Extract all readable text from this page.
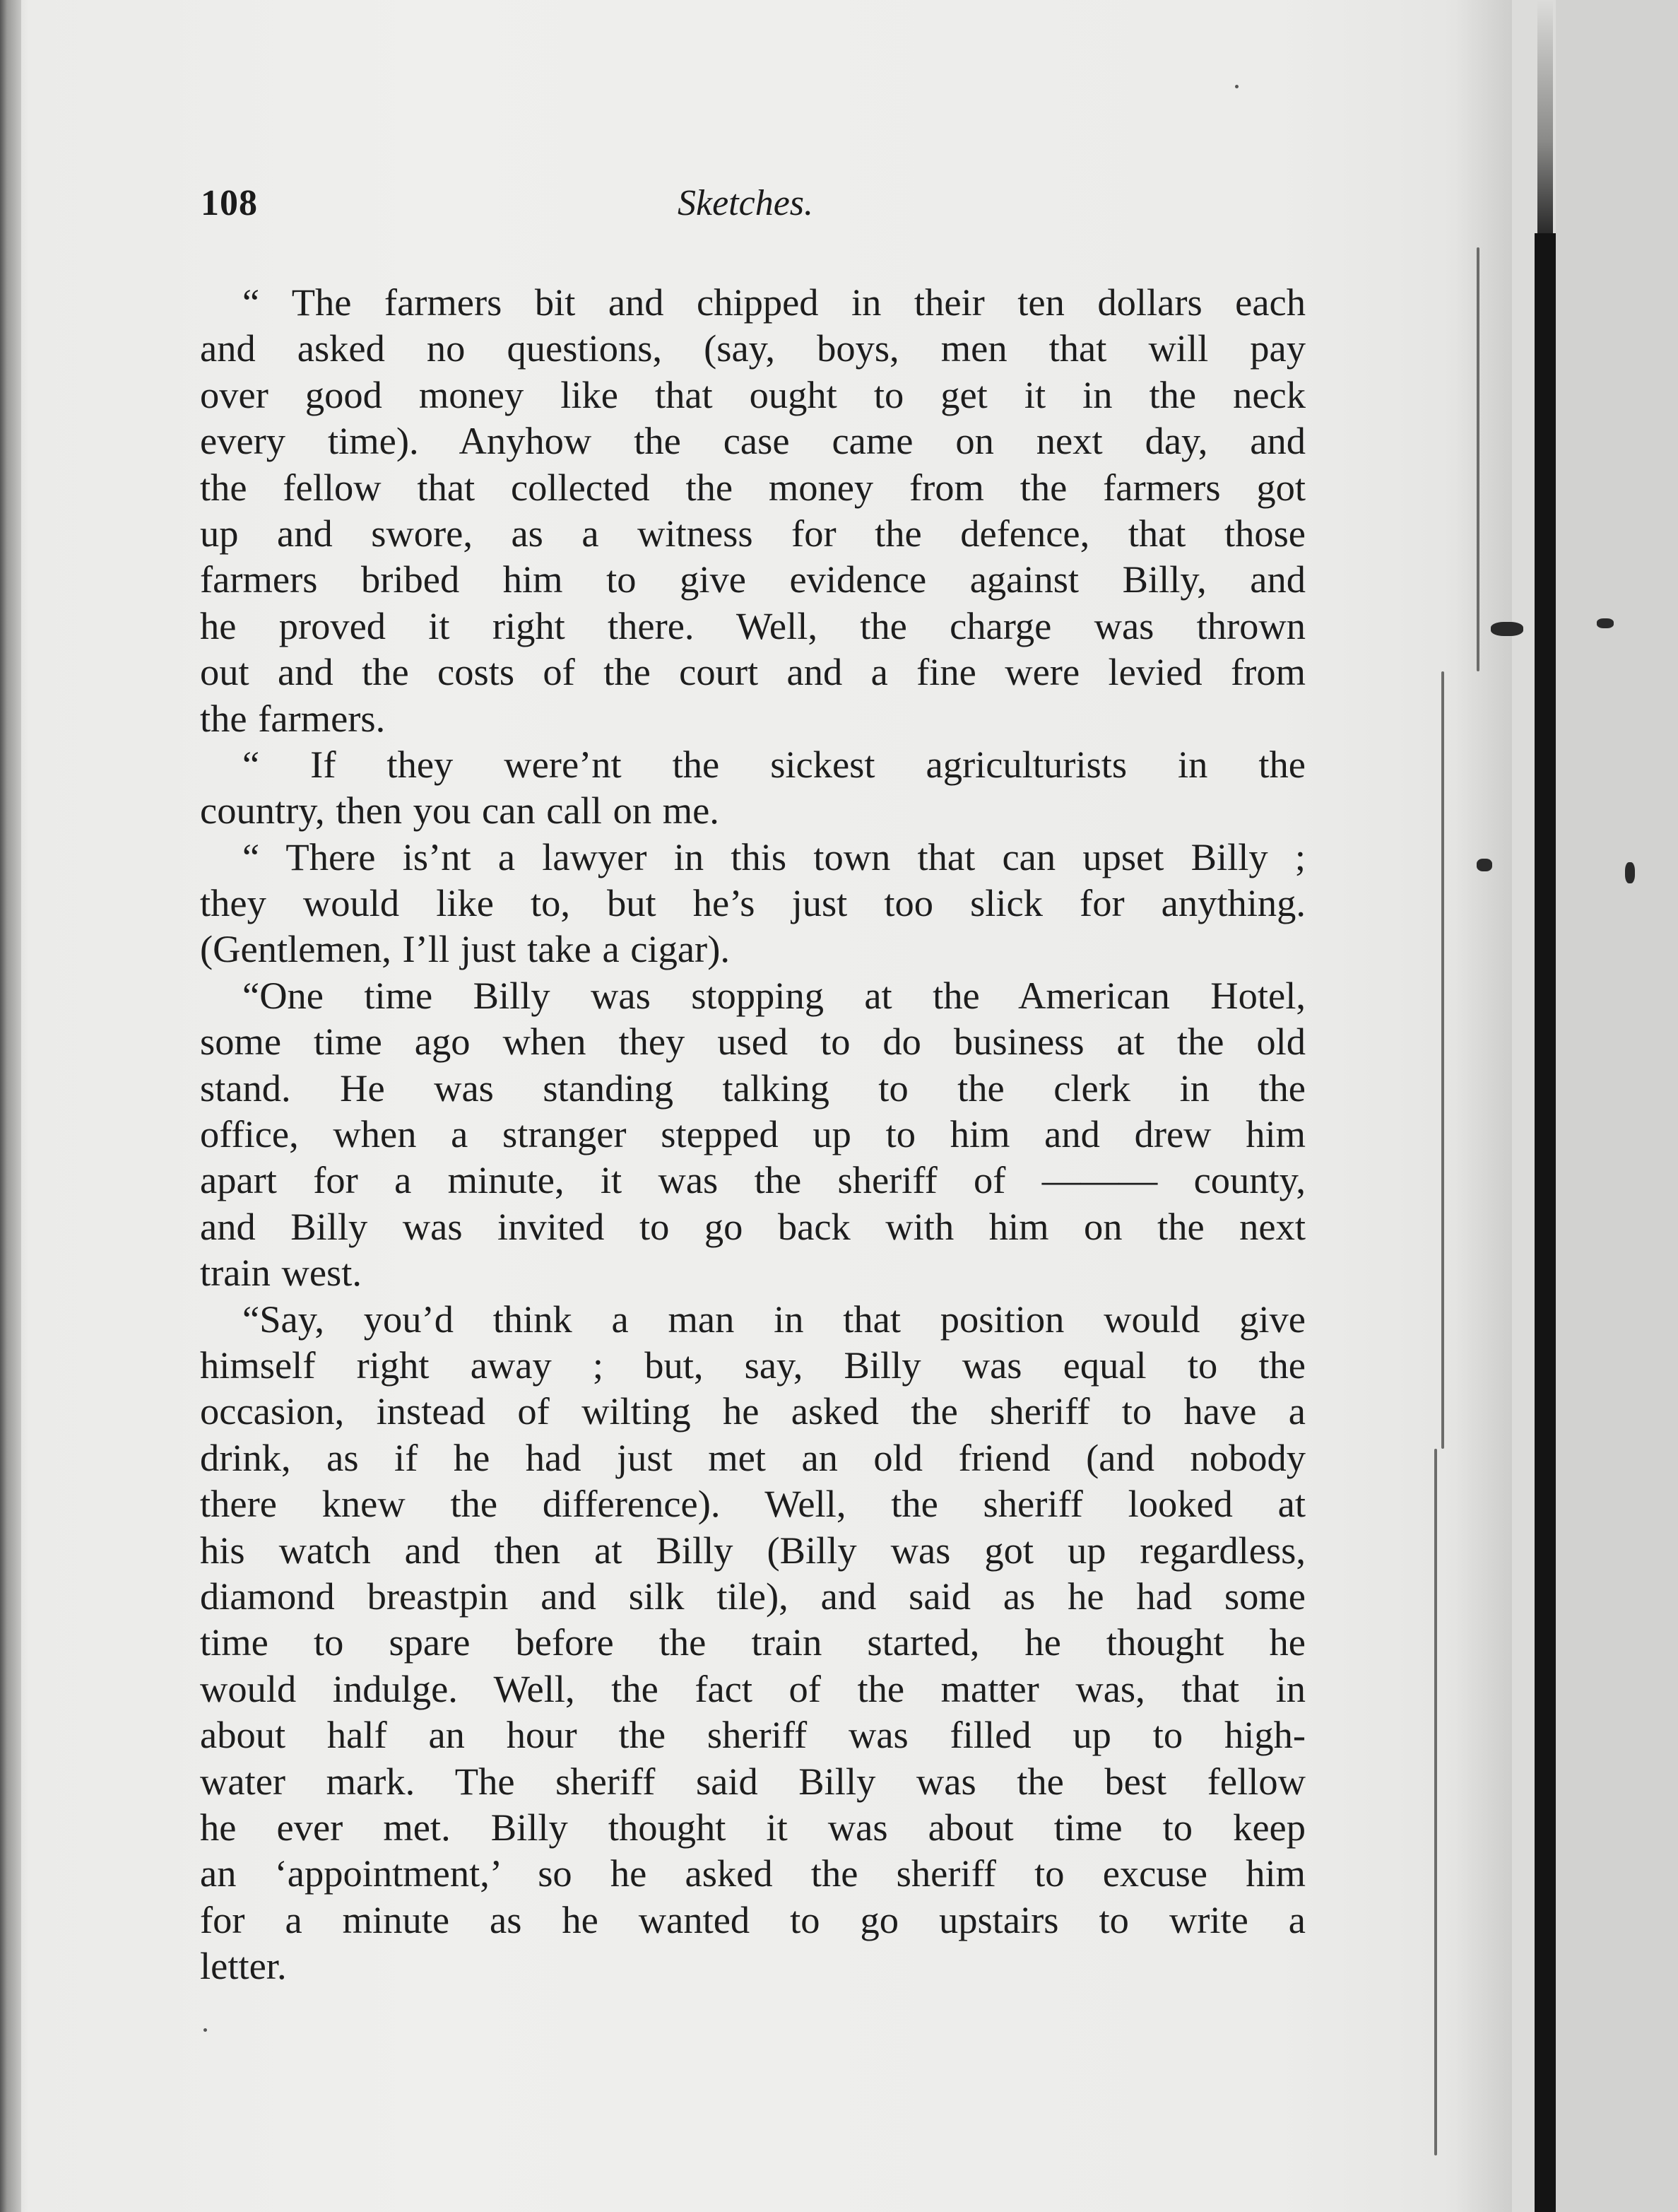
108	Sketches.
“ The farmers bit and chipped in their ten dollars each
and asked no questions, (say, boys, men that will pay
over good money like that ought to get it in the neck
every time). Anyhow the case came on next day, and
the fellow that collected the money from the farmers got
up and swore, as a witness for the defence, that those
farmers bribed him to give evidence against Billy, and
he proved it right there. Well, the charge was thrown
out and the costs of the court and a fine were levied from
the farmers.
“ If they were’nt the sickest agriculturists in the
country, then you can call on me.
“ There is’nt a lawyer in this town that can upset Billy ;
they would like to, but he’s just too slick for anything.
(Gentlemen, I’ll just take a cigar).
“One time Billy was stopping at the American Hotel,
some time ago when they used to do business at the old
stand. He was standing talking to the clerk in the
office, when a stranger stepped up to him and drew him
apart for a minute, it was the sheriff of ——— county,
and Billy was invited to go back with him on the next
train west.
“Say, you’d think a man in that position would give
himself right away ; but, say, Billy was equal to the
occasion, instead of wilting he asked the sheriff to have a
drink, as if he had just met an old friend (and nobody
there knew the difference). Well, the sheriff looked at
his watch and then at Billy (Billy was got up regardless,
diamond breastpin and silk tile), and said as he had some
time to spare before the train started, he thought he
would indulge. Well, the fact of the matter was, that in
about half an hour the sheriff was filled up to high-
water mark. The sheriff said Billy was the best fellow
he ever met. Billy thought it was about time to keep
an ‘appointment,’ so he asked the sheriff to excuse him
for a minute as he wanted to go upstairs to write a
letter.
